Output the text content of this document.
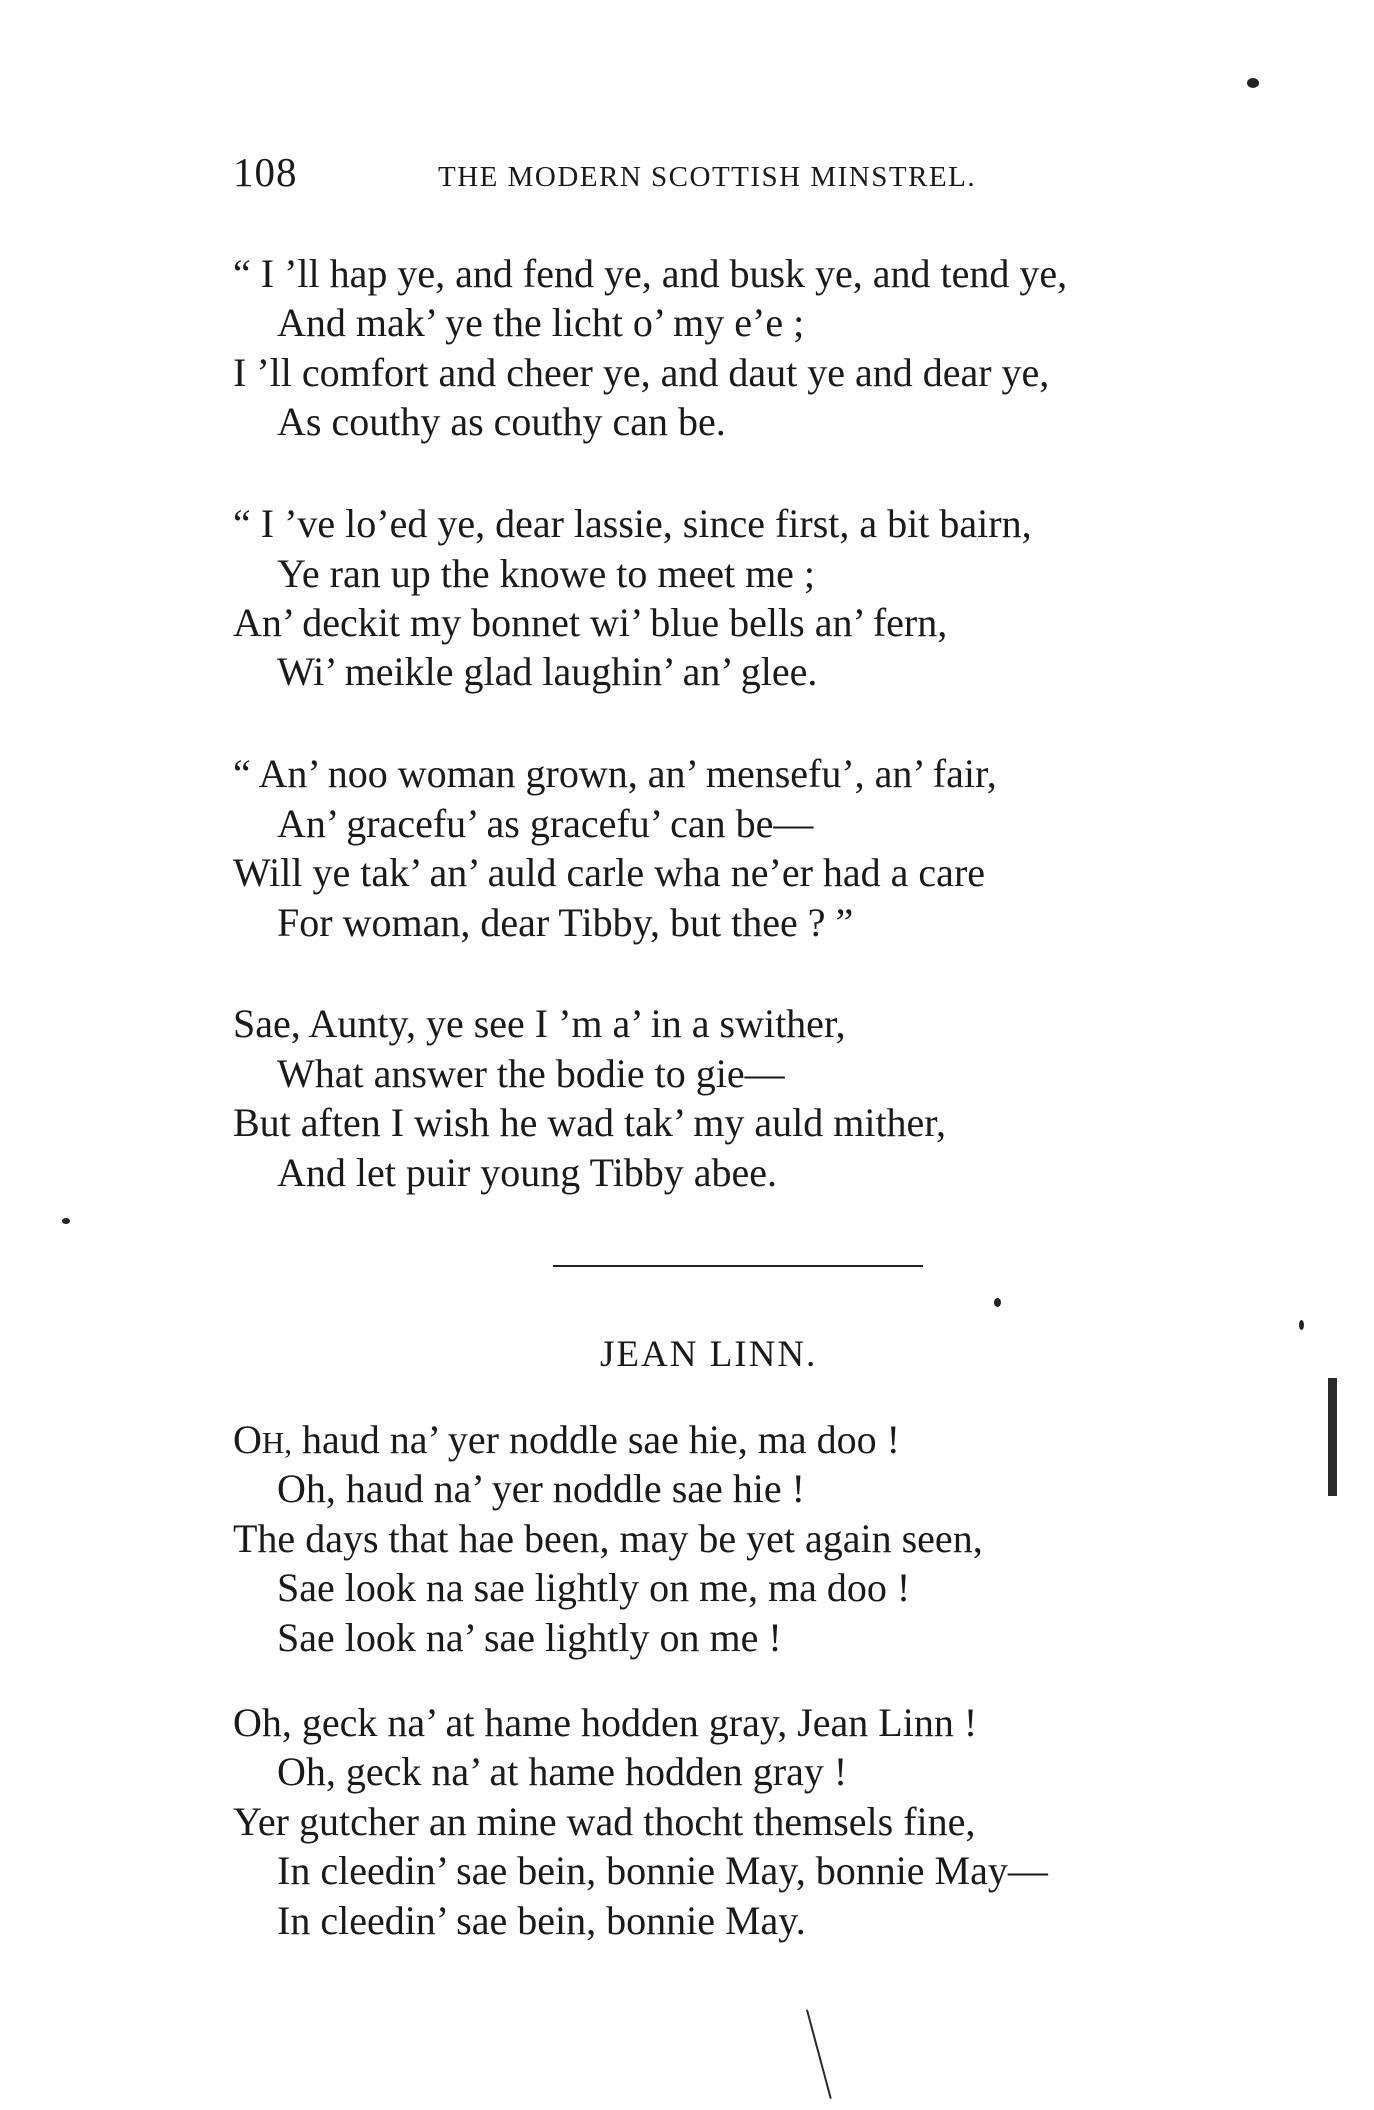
108	THE MODERN SCOTTISH MINSTREL.
“ I ’ll hap ye, and fend ye, and busk ye, and tend ye,
And mak’ ye the licht o’ my e’e ;
I ’ll comfort and cheer ye, and daut ye and dear ye,
As couthy as couthy can be.
“ I ’ve lo’ed ye, dear lassie, since first, a bit bairn,
Ye ran up the knowe to meet me ;
An’ deckit my bonnet wi’ blue bells an’ fern,
Wi’ meikle glad laughin’ an’ glee.
“ An’ noo woman grown, an’ mensefu’, an’ fair,
An’ gracefu’ as gracefu’ can be—
Will ye tak’ an’ auld carle wha ne’er had a care
For woman, dear Tibby, but thee ? ”
Sae, Aunty, ye see I ’m a’ in a swither,
What answer the bodie to gie—
But aften I wish he wad tak’ my auld mither,
And let puir young Tibby abee.
JEAN LINN.
OH, haud na’ yer noddle sae hie, ma doo !
Oh, haud na’ yer noddle sae hie !
The days that hae been, may be yet again seen,
Sae look na sae lightly on me, ma doo !
Sae look na’ sae lightly on me !
Oh, geck na’ at hame hodden gray, Jean Linn !
Oh, geck na’ at hame hodden gray !
Yer gutcher an mine wad thocht themsels fine,
In cleedin’ sae bein, bonnie May, bonnie May—
In cleedin’ sae bein, bonnie May.
